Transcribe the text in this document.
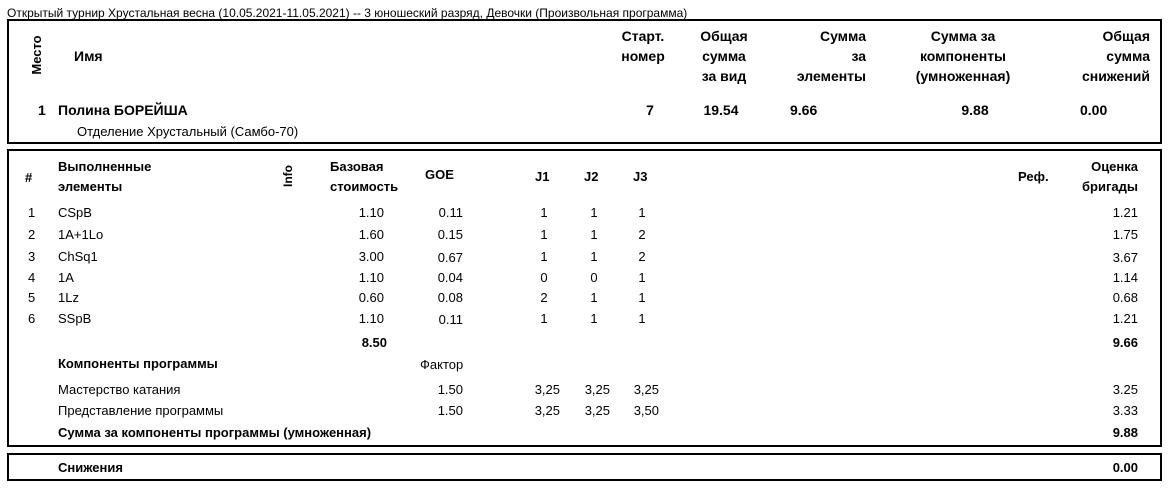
Открытый турнир Хрустальная весна (10.05.2021-11.05.2021) -- 3 юношеский разряд, Девочки (Произвольная программа)
Место Имя
Старт.
номер
Общая
сумма
за вид
Сумма
за
элементы
Сумма за
компоненты
(умноженная)
Общая
сумма
снижений
1 Полина БОРЕЙША
Отделение Хрустальный (Самбо-70)
7	19.54	9.66	9.88	0.00
#
Выполненные
элементы	Info	Базовая
стоимость
GOE	J1	J2	J3	Реф.
Оценка
бригады
1 CSpB	1.10	0.11	1	1	1	1.21
2 1A+1Lo	1.60	0.15	1	1	2	1.75
3 ChSq1	3.00	0.67	1	1	2	3.67
4 1A	1.10	0.04	0	0	1	1.14
5 1Lz	0.60	0.08	2	1	1	0.68
6 SSpB	1.10	0.11	1	1	1	1.21
8.50	9.66
Компоненты программы	Фактор
Мастерство катания	1.50	3,25	3,25	3,25	3.25
Представление программы	1.50	3,25	3,25	3,50	3.33
Сумма за компоненты программы (умноженная)	9.88
Снижения	0.00
